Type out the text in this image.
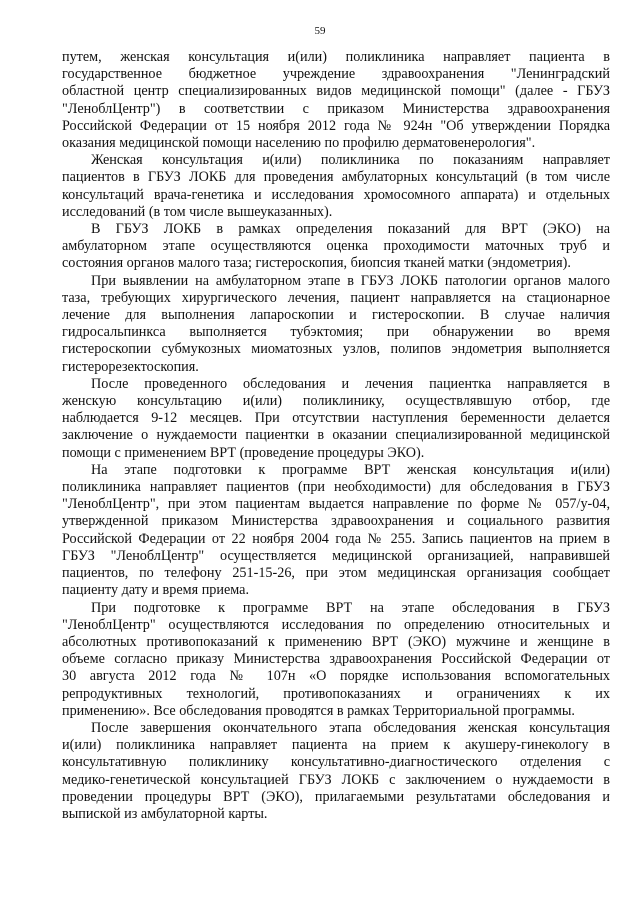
59
путем, женская консультация и(или) поликлиника направляет пациента в
государственное бюджетное учреждение здравоохранения "Ленинградский
областной центр специализированных видов медицинской помощи" (далее - ГБУЗ
"ЛенoблЦентр") в соответствии с приказом Министерства здравоохранения
Российской Федерации от 15 ноября 2012 года № 924н "Об утверждении Порядка
оказания медицинской помощи населению по профилю дерматовенерология".
Женская консультация и(или) поликлиника по показаниям направляет
пациентов в ГБУЗ ЛОКБ для проведения амбулаторных консультаций (в том числе
консультаций врача-генетика и исследования хромосомного аппарата) и отдельных
исследований (в том числе вышеуказанных).
В ГБУЗ ЛОКБ в рамках определения показаний для ВРТ (ЭКО) на
амбулаторном этапе осуществляются оценка проходимости маточных труб и
состояния органов малого таза; гистероскопия, биопсия тканей матки (эндометрия).
При выявлении на амбулаторном этапе в ГБУЗ ЛОКБ патологии органов малого
таза, требующих хирургического лечения, пациент направляется на стационарное
лечение для выполнения лапароскопии и гистероскопии. В случае наличия
гидросальпинкса выполняется тубэктомия; при обнаружении во время
гистероскопии субмукозных миоматозных узлов, полипов эндометрия выполняется
гистерорезектоскопия.
После проведенного обследования и лечения пациентка направляется в
женскую консультацию и(или) поликлинику, осуществлявшую отбор, где
наблюдается 9-12 месяцев. При отсутствии наступления беременности делается
заключение о нуждаемости пациентки в оказании специализированной медицинской
помощи с применением ВРТ (проведение процедуры ЭКО).
На этапе подготовки к программе ВРТ женская консультация и(или)
поликлиника направляет пациентов (при необходимости) для обследования в ГБУЗ
"ЛенoблЦентр", при этом пациентам выдается направление по форме № 057/у-04,
утвержденной приказом Министерства здравоохранения и социального развития
Российской Федерации от 22 ноября 2004 года № 255. Запись пациентов на прием в
ГБУЗ "ЛенoблЦентр" осуществляется медицинской организацией, направившей
пациентов, по телефону 251-15-26, при этом медицинская организация сообщает
пациенту дату и время приема.
При подготовке к программе ВРТ на этапе обследования в ГБУЗ
"ЛенoблЦентр" осуществляются исследования по определению относительных и
абсолютных противопоказаний к применению ВРТ (ЭКО) мужчине и женщине в
объеме согласно приказу Министерства здравоохранения Российской Федерации от
30 августа 2012 года № 107н «О порядке использования вспомогательных
репродуктивных технологий, противопоказаниях и ограничениях к их
применению». Все обследования проводятся в рамках Территориальной программы.
После завершения окончательного этапа обследования женская консультация
и(или) поликлиника направляет пациента на прием к акушеру-гинекологу в
консультативную поликлинику консультативно-диагностического отделения с
медико-генетической консультацией ГБУЗ ЛОКБ с заключением о нуждаемости в
проведении процедуры ВРТ (ЭКО), прилагаемыми результатами обследования и
выпиской из амбулаторной карты.
